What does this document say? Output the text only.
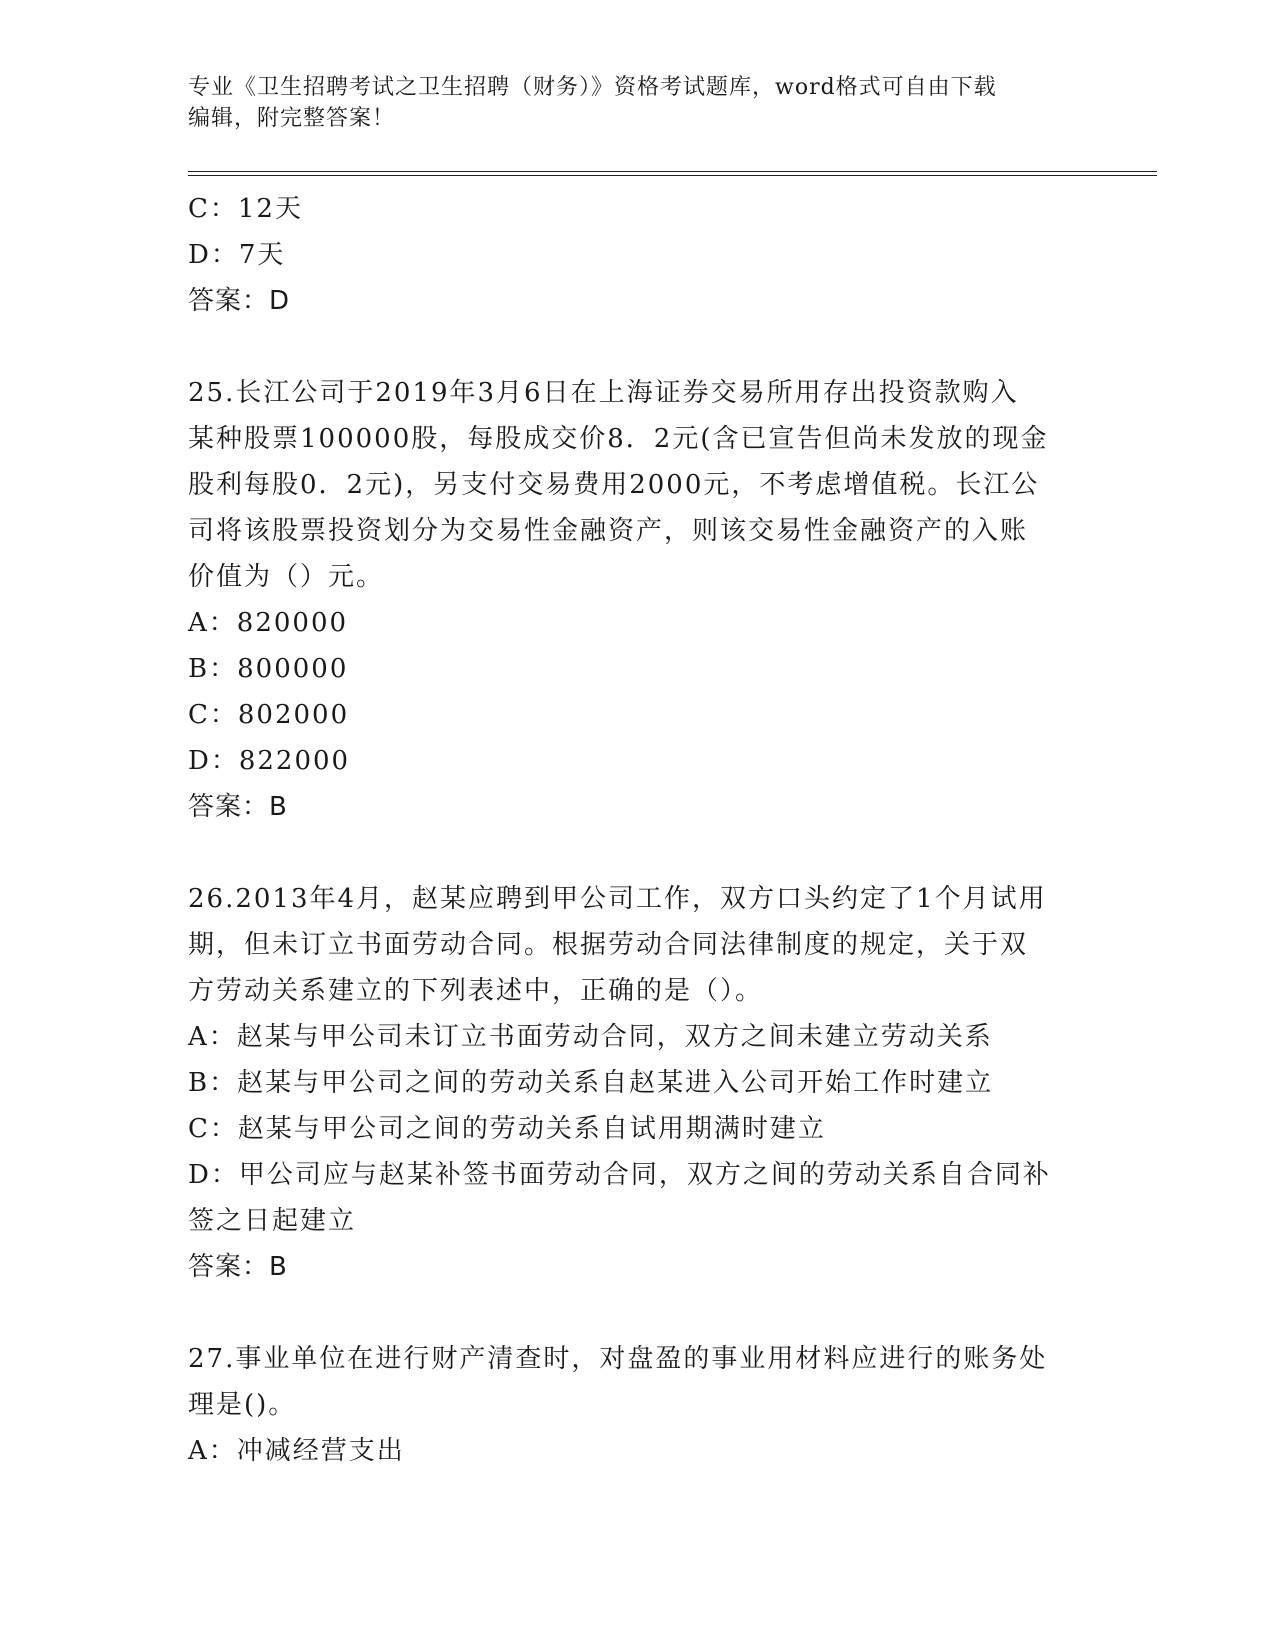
专业《卫生招聘考试之卫生招聘（财务）》资格考试题库，word格式可自由下载
编辑，附完整答案！
C：12天
D：7天
答案：D
25.长江公司于2019年3月6日在上海证券交易所用存出投资款购入
某种股票100000股，每股成交价8．2元(含已宣告但尚未发放的现金
股利每股0．2元)，另支付交易费用2000元，不考虑增值税。长江公
司将该股票投资划分为交易性金融资产，则该交易性金融资产的入账
价值为（）元。
A：820000
B：800000
C：802000
D：822000
答案：B
26.2013年4月，赵某应聘到甲公司工作，双方口头约定了1个月试用
期，但未订立书面劳动合同。根据劳动合同法律制度的规定，关于双
方劳动关系建立的下列表述中，正确的是（）。
A：赵某与甲公司未订立书面劳动合同，双方之间未建立劳动关系
B：赵某与甲公司之间的劳动关系自赵某进入公司开始工作时建立
C：赵某与甲公司之间的劳动关系自试用期满时建立
D：甲公司应与赵某补签书面劳动合同，双方之间的劳动关系自合同补
签之日起建立
答案：B
27.事业单位在进行财产清查时，对盘盈的事业用材料应进行的账务处
理是()。
A：冲减经营支出
